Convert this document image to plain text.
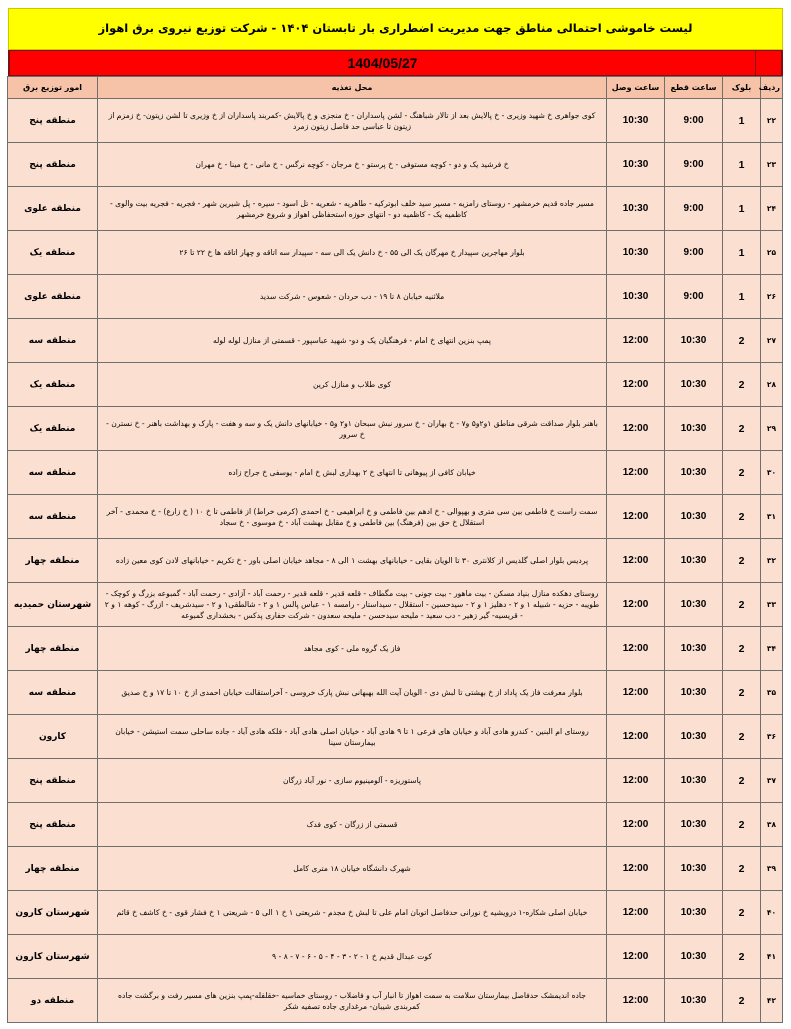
لیست خاموشی احتمالی مناطق جهت مدیریت اضطراری بار تابستان ۱۴۰۴ - شرکت توزیع نیروی برق اهواز
1404/05/27
ردیف	بلوک	ساعت قطع	ساعت وصل	محل تغذیه	امور توزیع برق
۲۲	1	9:00	10:30	کوی جواهری خ شهید وزیری - خ پالایش بعد از تالار شباهنگ - لشن پاسداران - خ منجزی و خ پالایش -کمربند پاسداران از خ وزیری تا لشن زیتون- خ زمزم از زیتون تا عباسی حد فاصل زیتون زمرد	منطقه پنج
۲۳	1	9:00	10:30	خ فرشید یک و دو - کوچه مستوفی - خ پرستو - خ مرجان - کوچه نرگس - خ مانی - خ مینا - خ مهران	منطقه پنج
۲۴	1	9:00	10:30	مسیر جاده قدیم خرمشهر - روستای رامزیه - مسیر سید خلف ابوترکیه - طاهریه - شعریه - تل اسود - سیره - پل شیرین شهر - فجریه - فجریه بیت والوی - کاظمیه یک - کاظمیه دو - انتهای حوزه استحفاظی اهواز و شروع خرمشهر	منطقه علوی
۲۵	1	9:00	10:30	بلوار مهاجرین سپیدار خ مهرگان یک الی ۵۵ - خ دانش یک الی سه - سپیدار سه اتاقه و چهار اتاقه ها خ ۲۲ تا ۲۶	منطقه یک
۲۶	1	9:00	10:30	ملاثنیه خیابان ۸ تا ۱۹ - دب حردان - شعوس - شرکت سدید	منطقه علوی
۲۷	2	10:30	12:00	پمپ بنزین انتهای خ امام - فرهنگیان یک و دو- شهید عباسپور - قسمتی از منازل لوله لوله	منطقه سه
۲۸	2	10:30	12:00	کوی طلاب و منازل کرین	منطقه یک
۲۹	2	10:30	12:00	باهنر بلوار صداقت شرقی مناطق ۱و۲و۵ و۷ - خ بهاران - خ سرور نبش سبحان ۱و۲ و۵ - خیابانهای دانش یک و سه و هفت - پارک و بهداشت باهنر - خ نسترن - خ سرور	منطقه یک
۳۰	2	10:30	12:00	خیابان کافی از پیوهانی تا انتهای خ ۲ بهداری لبش خ امام - یوسفی خ جراح زاده	منطقه سه
۳۱	2	10:30	12:00	سمت راست خ فاطمی بین سی متری و بهپوالی - خ ادهم بین فاطمی و خ ابراهیمی - خ احمدی (کرمی خراط) از فاطمی تا خ ۱۰ ( خ زارع) - خ محمدی - آخر استقلال خ حق بین (فرهنگ) بین فاطمی و خ مقابل بهشت آباد - خ موسوی - خ سجاد	منطقه سه
۳۲	2	10:30	12:00	پردیس بلوار اصلی گلدیس از کلانتری ۳۰ تا الویان بقایی - خیابانهای بهشت ۱ الی ۸ - مجاهد خیابان اصلی باور - خ تکریم - خیابانهای لادن کوی معین زاده	منطقه چهار
۳۳	2	10:30	12:00	روستای دهکده منازل بنیاد مسکن - بیت ماهور - بیت جونی - بیت مگطاف - قلعه قدیر - قلعه قدیر - رحمت آباد - آزادی - رحمت آباد - گمبوعه بزرگ و کوچک - طویبه - حزیه - شبیله ۱ و ۲ - دهلیز ۱ و ۲ - سیدحسین - استقلال - سیداستار - رامسه ۱ - عباس پالس ۱ و ۲ - شالطقی۱ و ۲ - سیدشریف - ازرگ - کوهه ۱ و ۲ - قریسیه- گیر زهیر - دب سعید - ملیحه سیدحسن - ملیحه سعدون - شرکت حفاری پدکس - بخشداری گمبوعه	شهرستان حمیدیه
۳۴	2	10:30	12:00	فاز یک گروه ملی - کوی مجاهد	منطقه چهار
۳۵	2	10:30	12:00	بلوار معرفت فاز یک پاداد از خ بهشتی تا لبش دی - الویان آیت الله بهبهانی نبش پارک خروسی - آخراستقالت خیابان احمدی از خ ۱۰ تا ۱۷ و خ صدیق	منطقه سه
۳۶	2	10:30	12:00	روستای ام البنین - کندرو هادی آباد و خیابان های فرعی ۱ تا ۹ هادی آباد - خیابان اصلی هادی آباد - فلکه هادی آباد - جاده ساحلی سمت استیشن - خیابان بیمارستان سینا	کارون
۳۷	2	10:30	12:00	پاستوریزه - آلومینیوم سازی - نور آباد زرگان	منطقه پنج
۳۸	2	10:30	12:00	قسمتی از زرگان - کوی فدک	منطقه پنج
۳۹	2	10:30	12:00	شهرک دانشگاه خیابان ۱۸ متری کامل	منطقه چهار
۴۰	2	10:30	12:00	خیابان اصلی شکاره-۱ درویشیه خ نورانی حدفاصل اتوبان امام علی تا لبش خ مجدم - شریعتی ۱ خ ۱ الی ۵ - شریعتی ۱ خ فشار قوی - خ کاشف خ قائم	شهرستان کارون
۴۱	2	10:30	12:00	کوت عبدال قدیم خ ۱ - ۲ - ۳ - ۴ - ۵ - ۶ - ۷ - ۸ - ۹	شهرستان کارون
۴۲	2	10:30	12:00	جاده اندیمشک حدفاصل بیمارستان سلامت به سمت اهواز تا انبار آب و فاضلاب - روستای خماسیه -خقلفله-پمپ بنزین های مسیر رفت و برگشت جاده کمربندی شیبان- مرغداری جاده تصفیه شکر	منطقه دو
